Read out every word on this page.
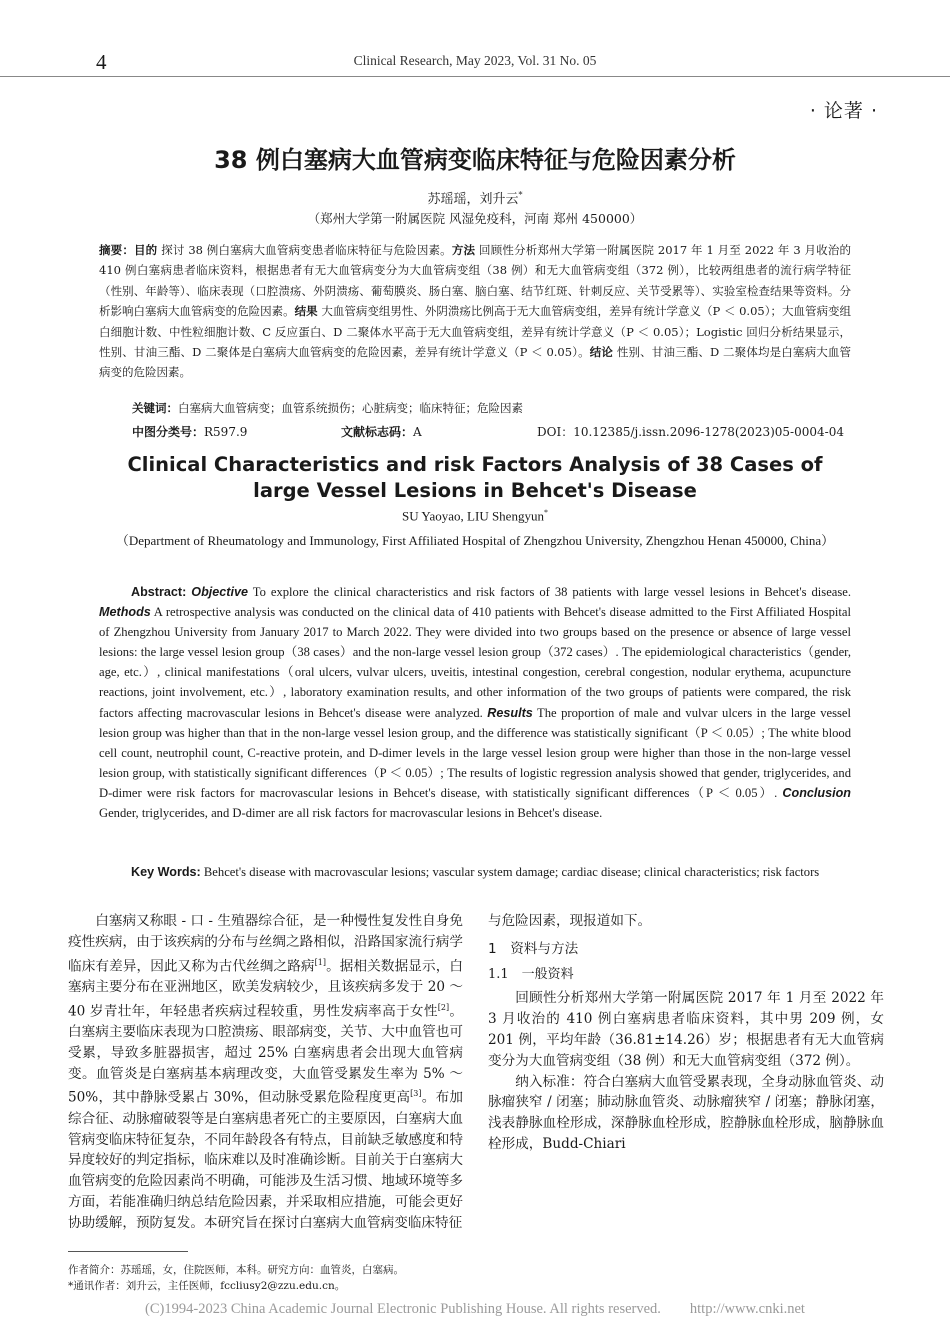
4	Clinical Research, May 2023, Vol. 31 No. 05
· 论著 ·
38 例白塞病大血管病变临床特征与危险因素分析
苏瑶瑶，刘升云*
（郑州大学第一附属医院 风湿免疫科，河南 郑州 450000）
摘要：目的 探讨 38 例白塞病大血管病变患者临床特征与危险因素。方法 回顾性分析郑州大学第一附属医院 2017 年 1 月至 2022 年 3 月收治的 410 例白塞病患者临床资料，根据患者有无大血管病变分为大血管病变组（38 例）和无大血管病变组（372 例），比较两组患者的流行病学特征（性别、年龄等）、临床表现（口腔溃疡、外阴溃疡、葡萄膜炎、肠白塞、脑白塞、结节红斑、针刺反应、关节受累等）、实验室检查结果等资料。分析影响白塞病大血管病变的危险因素。结果 大血管病变组男性、外阴溃疡比例高于无大血管病变组，差异有统计学意义（P ＜ 0.05）；大血管病变组白细胞计数、中性粒细胞计数、C 反应蛋白、D 二聚体水平高于无大血管病变组，差异有统计学意义（P ＜ 0.05）；Logistic 回归分析结果显示，性别、甘油三酯、D 二聚体是白塞病大血管病变的危险因素，差异有统计学意义（P ＜ 0.05）。结论 性别、甘油三酯、D 二聚体均是白塞病大血管病变的危险因素。
关键词：白塞病大血管病变；血管系统损伤；心脏病变；临床特征；危险因素
中图分类号：R597.9	文献标志码：A	DOI：10.12385/j.issn.2096-1278(2023)05-0004-04
Clinical Characteristics and risk Factors Analysis of 38 Cases of
large Vessel Lesions in Behcet's Disease
SU Yaoyao, LIU Shengyun*
（Department of Rheumatology and Immunology, First Affiliated Hospital of Zhengzhou University, Zhengzhou Henan 450000, China）
Abstract: Objective To explore the clinical characteristics and risk factors of 38 patients with large vessel lesions in Behcet's disease. Methods A retrospective analysis was conducted on the clinical data of 410 patients with Behcet's disease admitted to the First Affiliated Hospital of Zhengzhou University from January 2017 to March 2022. They were divided into two groups based on the presence or absence of large vessel lesions: the large vessel lesion group（38 cases）and the non-large vessel lesion group（372 cases）. The epidemiological characteristics（gender, age, etc.）, clinical manifestations（oral ulcers, vulvar ulcers, uveitis, intestinal congestion, cerebral congestion, nodular erythema, acupuncture reactions, joint involvement, etc.）, laboratory examination results, and other information of the two groups of patients were compared, the risk factors affecting macrovascular lesions in Behcet's disease were analyzed. Results The proportion of male and vulvar ulcers in the large vessel lesion group was higher than that in the non-large vessel lesion group, and the difference was statistically significant（P ＜ 0.05）; The white blood cell count, neutrophil count, C-reactive protein, and D-dimer levels in the large vessel lesion group were higher than those in the non-large vessel lesion group, with statistically significant differences（P ＜ 0.05）; The results of logistic regression analysis showed that gender, triglycerides, and D-dimer were risk factors for macrovascular lesions in Behcet's disease, with statistically significant differences（P ＜ 0.05）. Conclusion Gender, triglycerides, and D-dimer are all risk factors for macrovascular lesions in Behcet's disease.
Key Words: Behcet's disease with macrovascular lesions; vascular system damage; cardiac disease; clinical characteristics; risk factors

白塞病又称眼 - 口 - 生殖器综合征，是一种慢性复发性自身免疫性疾病，由于该疾病的分布与丝绸之路相似，沿路国家流行病学临床有差异，因此又称为古代丝绸之路病[1]。据相关数据显示，白塞病主要分布在亚洲地区，欧美发病较少，且该疾病多发于 20 ～ 40 岁青壮年，年轻患者疾病过程较重，男性发病率高于女性[2]。白塞病主要临床表现为口腔溃疡、眼部病变，关节、大中血管也可受累，导致多脏器损害，超过 25% 白塞病患者会出现大血管病变。血管炎是白塞病基本病理改变，大血管受累发生率为 5% ～ 50%，其中静脉受累占 30%，但动脉受累危险程度更高[3]。布加综合征、动脉瘤破裂等是白塞病患者死亡的主要原因，白塞病大血管病变临床特征复杂，不同年龄段各有特点，目前缺乏敏感度和特异度较好的判定指标，临床难以及时准确诊断。目前关于白塞病大血管病变的危险因素尚不明确，可能涉及生活习惯、地域环境等多方面，若能准确归纳总结危险因素，并采取相应措施，可能会更好协助缓解，预防复发。本研究旨在探讨白塞病大血管病变临床特征

与危险因素，现报道如下。

1　资料与方法
1.1　一般资料

回顾性分析郑州大学第一附属医院 2017 年 1 月至 2022 年 3 月收治的 410 例白塞病患者临床资料，其中男 209 例，女 201 例，平均年龄（36.81±14.26）岁；根据患者有无大血管病变分为大血管病变组（38 例）和无大血管病变组（372 例）。

纳入标准：符合白塞病大血管受累表现，全身动脉血管炎、动脉瘤狭窄 / 闭塞；肺动脉血管炎、动脉瘤狭窄 / 闭塞；静脉闭塞，浅表静脉血栓形成，深静脉血栓形成，腔静脉血栓形成，脑静脉血栓形成，Budd-Chiari

作者简介：苏瑶瑶，女，住院医师，本科。研究方向：血管炎，白塞病。
*通讯作者：刘升云，主任医师，fccliusy2@zzu.edu.cn。
(C)1994-2023 China Academic Journal Electronic Publishing House. All rights reserved.　　http://www.cnki.net
